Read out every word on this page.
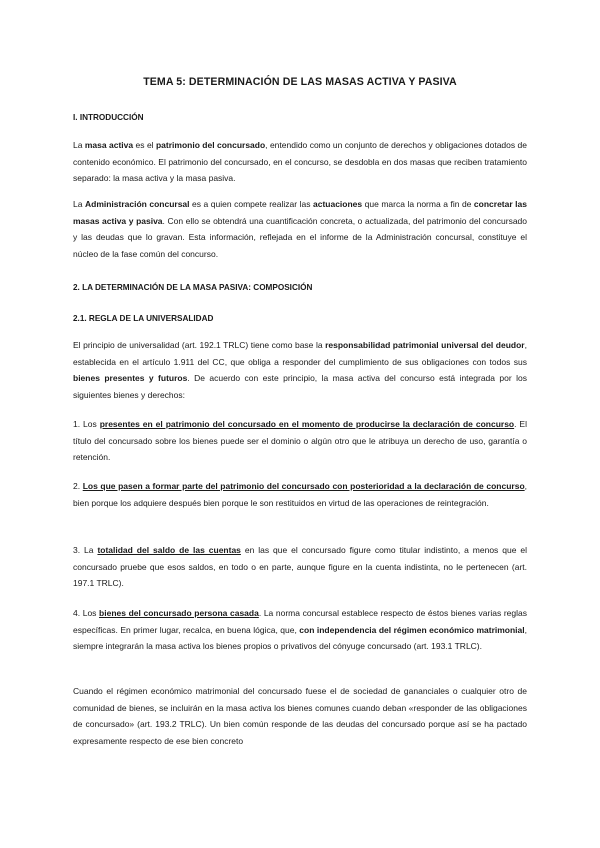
TEMA 5: DETERMINACIÓN DE LAS MASAS ACTIVA Y PASIVA
I. INTRODUCCIÓN

La masa activa es el patrimonio del concursado, entendido como un conjunto de derechos y obligaciones dotados de contenido económico. El patrimonio del concursado, en el concurso, se desdobla en dos masas que reciben tratamiento separado: la masa activa y la masa pasiva.

La Administración concursal es a quien compete realizar las actuaciones que marca la norma a fin de concretar las masas activa y pasiva. Con ello se obtendrá una cuantificación concreta, o actualizada, del patrimonio del concursado y las deudas que lo gravan. Esta información, reflejada en el informe de la Administración concursal, constituye el núcleo de la fase común del concurso.

2. LA DETERMINACIÓN DE LA MASA PASIVA: COMPOSICIÓN
2.1. REGLA DE LA UNIVERSALIDAD

El principio de universalidad (art. 192.1 TRLC) tiene como base la responsabilidad patrimonial universal del deudor, establecida en el artículo 1.911 del CC, que obliga a responder del cumplimiento de sus obligaciones con todos sus bienes presentes y futuros. De acuerdo con este principio, la masa activa del concurso está integrada por los siguientes bienes y derechos:

1. Los presentes en el patrimonio del concursado en el momento de producirse la declaración de concurso. El título del concursado sobre los bienes puede ser el dominio o algún otro que le atribuya un derecho de uso, garantía o retención.

2. Los que pasen a formar parte del patrimonio del concursado con posterioridad a la declaración de concurso, bien porque los adquiere después bien porque le son restituidos en virtud de las operaciones de reintegración.

3. La totalidad del saldo de las cuentas en las que el concursado figure como titular indistinto, a menos que el concursado pruebe que esos saldos, en todo o en parte, aunque figure en la cuenta indistinta, no le pertenecen (art. 197.1 TRLC).

4. Los bienes del concursado persona casada. La norma concursal establece respecto de éstos bienes varias reglas específicas. En primer lugar, recalca, en buena lógica, que, con independencia del régimen económico matrimonial, siempre integrarán la masa activa los bienes propios o privativos del cónyuge concursado (art. 193.1 TRLC).

Cuando el régimen económico matrimonial del concursado fuese el de sociedad de gananciales o cualquier otro de comunidad de bienes, se incluirán en la masa activa los bienes comunes cuando deban «responder de las obligaciones de concursado» (art. 193.2 TRLC). Un bien común responde de las deudas del concursado porque así se ha pactado expresamente respecto de ese bien concreto
